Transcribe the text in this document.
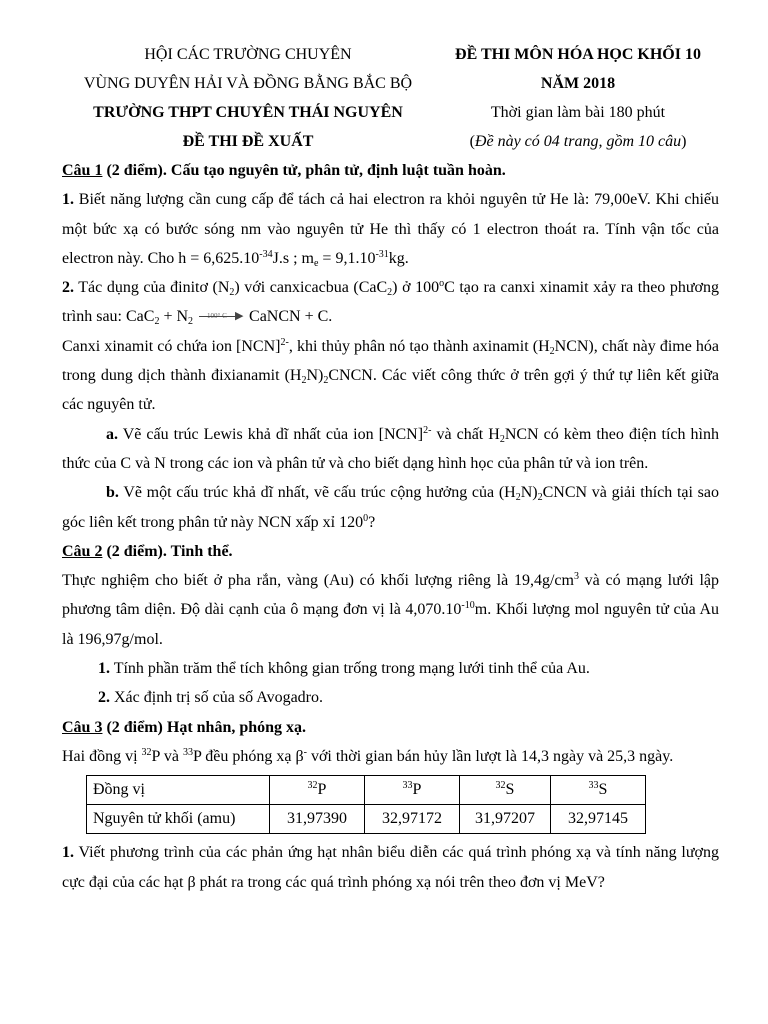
HỘI CÁC TRƯỜNG CHUYÊN
VÙNG DUYÊN HẢI VÀ ĐỒNG BẰNG BẮC BỘ
TRƯỜNG THPT CHUYÊN THÁI NGUYÊN
ĐỀ THI ĐỀ XUẤT
ĐỀ THI MÔN HÓA HỌC KHỐI 10
NĂM 2018
Thời gian làm bài 180 phút
(Đề này có 04 trang, gồm 10 câu)

Câu 1 (2 điểm). Cấu tạo nguyên tử, phân tử, định luật tuần hoàn.

1. Biết năng lượng cần cung cấp để tách cả hai electron ra khỏi nguyên tử He là: 79,00eV. Khi chiếu một bức xạ có bước sóng nm vào nguyên tử He thì thấy có 1 electron thoát ra. Tính vận tốc của electron này. Cho $h = 6,625.10^{-34}J.s$ ; $m_e = 9,1.10^{-31}kg$.

2. Tác dụng của đinitơ $(N_2)$ với canxicacbua (CaC$_2$) ở 100$^o$C tạo ra canxi xinamit xảy ra theo phương trình sau: $CaC_2 + N_2$ 100° C ▶ CaNCN + C.

Canxi xinamit có chứa ion [NCN]$^{2-}$, khi thủy phân nó tạo thành axinamit $(H_2NCN)$, chất này đime hóa trong dung dịch thành đixianamit $(H_2N)_2CNCN$. Các viết công thức ở trên gợi ý thứ tự liên kết giữa các nguyên tử.

a. Vẽ cấu trúc Lewis khả dĩ nhất của ion [NCN]$^{2-}$ và chất $H_2NCN$ có kèm theo điện tích hình thức của C và N trong các ion và phân tử và cho biết dạng hình học của phân tử và ion trên.

b. Vẽ một cấu trúc khả dĩ nhất, vẽ cấu trúc cộng hưởng của $(H_2N)_2CNCN$ và giải thích tại sao góc liên kết trong phân tử này NCN xấp xỉ $120^0$?

Câu 2 (2 điểm). Tinh thể.

Thực nghiệm cho biết ở pha rắn, vàng (Au) có khối lượng riêng là $19,4g/cm^3$ và có mạng lưới lập phương tâm diện. Độ dài cạnh của ô mạng đơn vị là $4,070.10^{-10}m$. Khối lượng mol nguyên tử của Au là 196,97g/mol.

1. Tính phần trăm thể tích không gian trống trong mạng lưới tinh thể của Au.

2. Xác định trị số của số Avogadro.

Câu 3 (2 điểm) Hạt nhân, phóng xạ.

Hai đồng vị $^{32}$P và $^{33}$P đều phóng xạ β- với thời gian bán hủy lần lượt là 14,3 ngày và 25,3 ngày.

Đồng vị	$^{32}$P	$^{33}$P	$^{32}$S	$^{33}$S
Nguyên tử khối (amu)	31,97390	32,97172	31,97207	32,97145

1. Viết phương trình của các phản ứng hạt nhân biểu diễn các quá trình phóng xạ và tính năng lượng cực đại của các hạt β phát ra trong các quá trình phóng xạ nói trên theo đơn vị MeV?
